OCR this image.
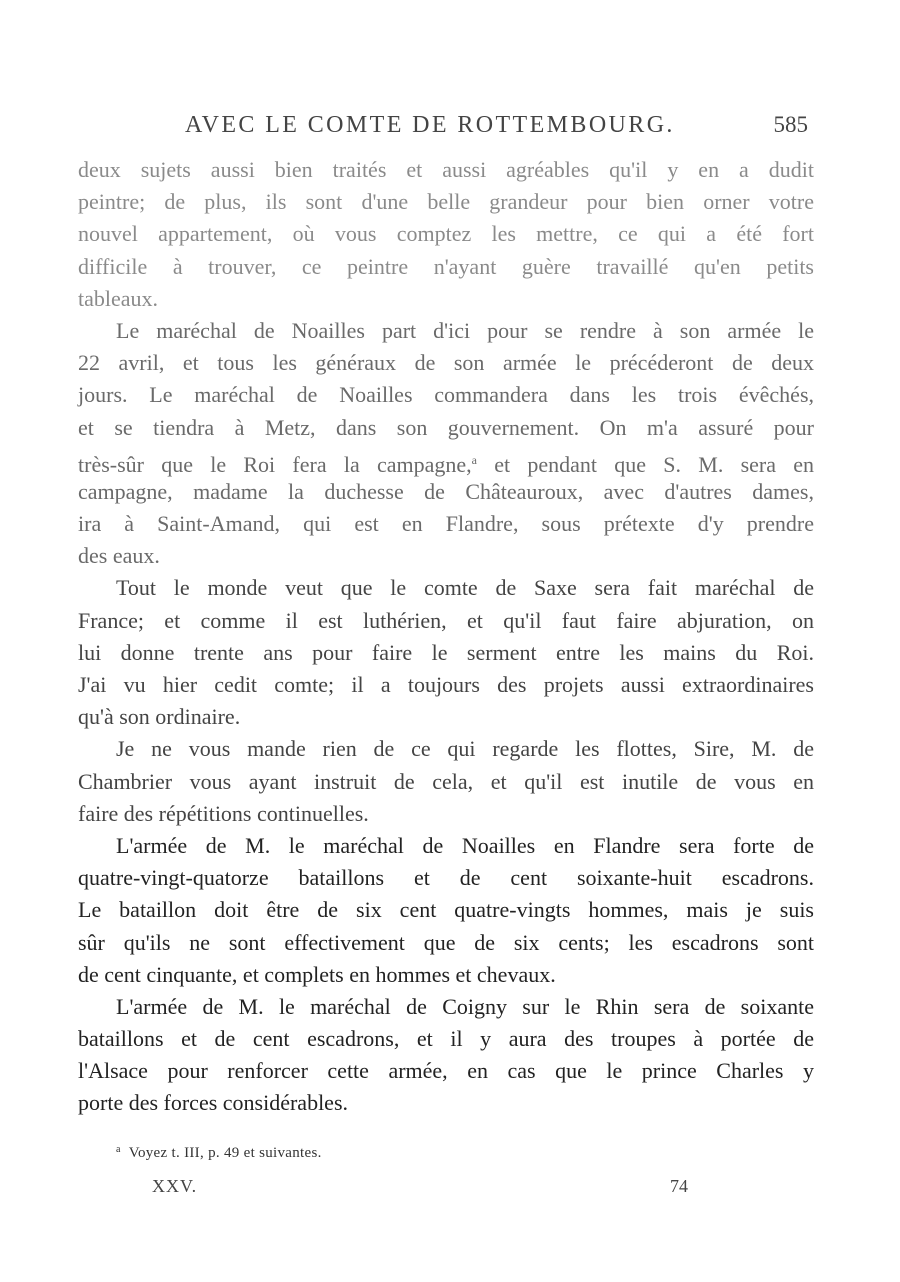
AVEC LE COMTE DE ROTTEMBOURG.	585
deux sujets aussi bien traités et aussi agréables qu'il y en a dudit
peintre; de plus, ils sont d'une belle grandeur pour bien orner votre
nouvel appartement, où vous comptez les mettre, ce qui a été fort
difficile à trouver, ce peintre n'ayant guère travaillé qu'en petits
tableaux.
Le maréchal de Noailles part d'ici pour se rendre à son armée le
22 avril, et tous les généraux de son armée le précéderont de deux
jours. Le maréchal de Noailles commandera dans les trois évêchés,
et se tiendra à Metz, dans son gouvernement. On m'a assuré pour
très-sûr que le Roi fera la campagne,$^a$ et pendant que S. M. sera en
campagne, madame la duchesse de Châteauroux, avec d'autres dames,
ira à Saint-Amand, qui est en Flandre, sous prétexte d'y prendre
des eaux.
Tout le monde veut que le comte de Saxe sera fait maréchal de
France; et comme il est luthérien, et qu'il faut faire abjuration, on
lui donne trente ans pour faire le serment entre les mains du Roi.
J'ai vu hier cedit comte; il a toujours des projets aussi extraordinaires
qu'à son ordinaire.
Je ne vous mande rien de ce qui regarde les flottes, Sire, M. de
Chambrier vous ayant instruit de cela, et qu'il est inutile de vous en
faire des répétitions continuelles.
L'armée de M. le maréchal de Noailles en Flandre sera forte de
quatre-vingt-quatorze bataillons et de cent soixante-huit escadrons.
Le bataillon doit être de six cent quatre-vingts hommes, mais je suis
sûr qu'ils ne sont effectivement que de six cents; les escadrons sont
de cent cinquante, et complets en hommes et chevaux.
L'armée de M. le maréchal de Coigny sur le Rhin sera de soixante
bataillons et de cent escadrons, et il y aura des troupes à portée de
l'Alsace pour renforcer cette armée, en cas que le prince Charles y
porte des forces considérables.
$^a$ Voyez t. III, p. 49 et suivantes.
XXV.	74
